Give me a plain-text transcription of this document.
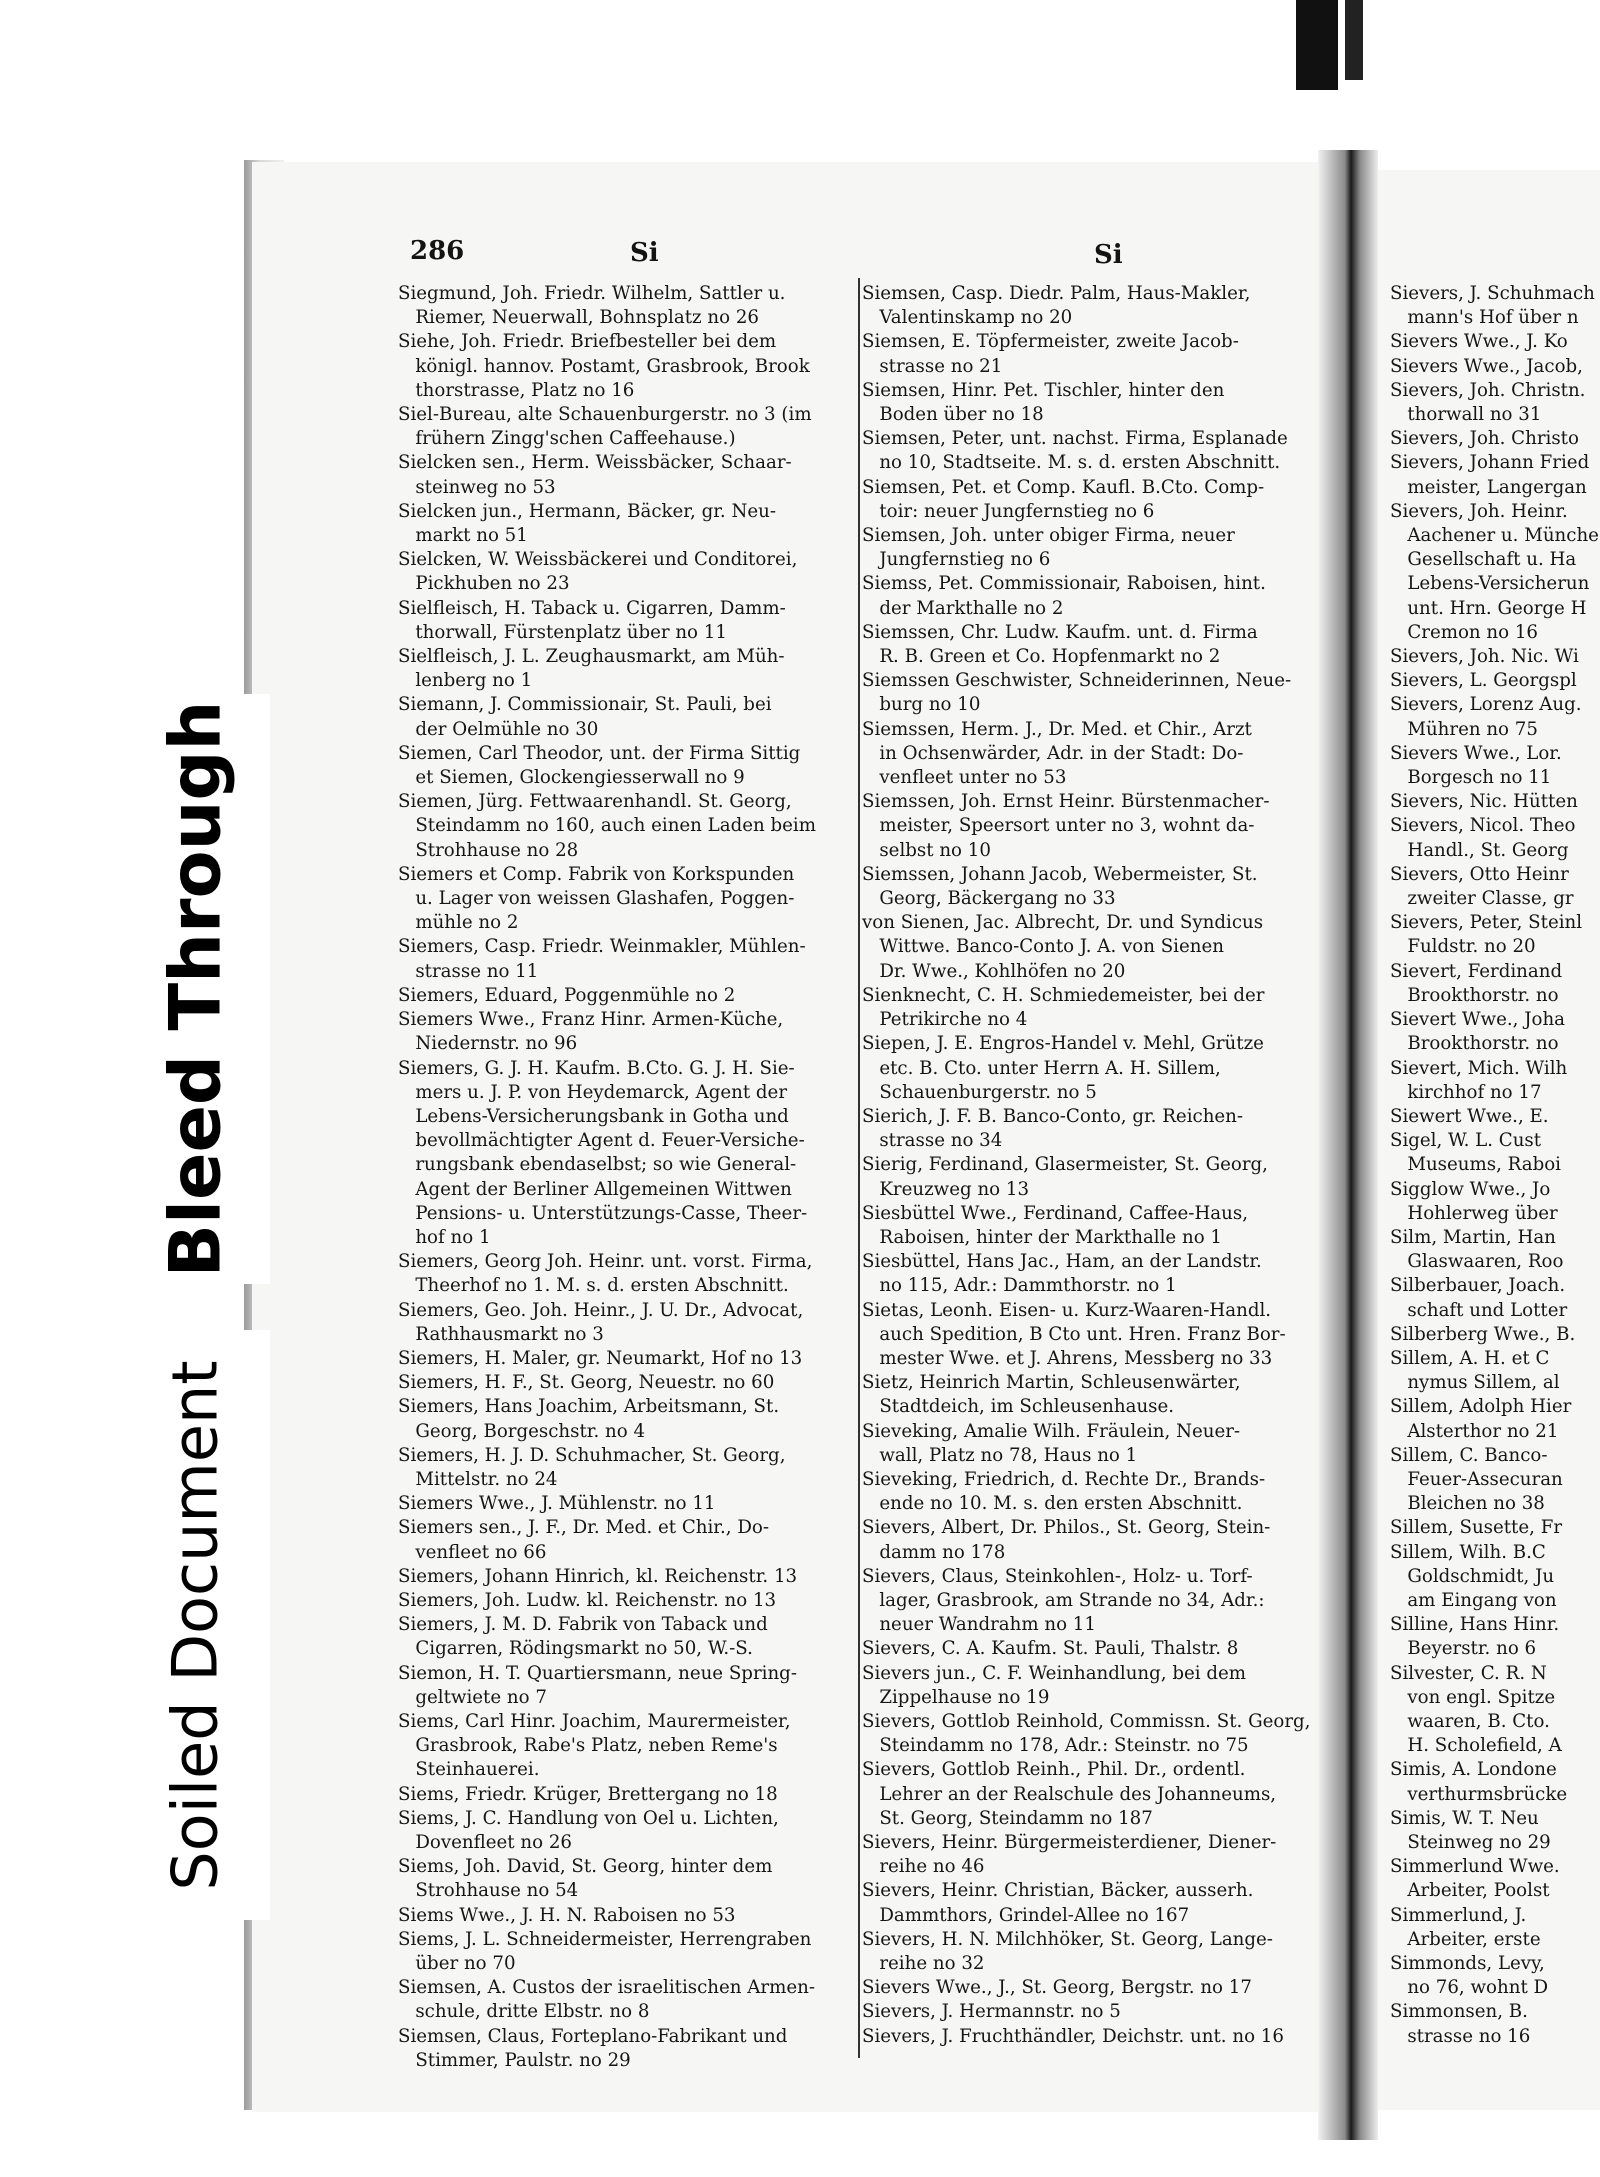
286	Si	Si
Siegmund, Joh. Friedr. Wilhelm, Sattler u.
Riemer, Neuerwall, Bohnsplatz no 26
Siehe, Joh. Friedr. Briefbesteller bei dem
königl. hannov. Postamt, Grasbrook, Brook
thorstrasse, Platz no 16
Siel-Bureau, alte Schauenburgerstr. no 3 (im
frühern Zingg'schen Caffeehause.)
Sielcken sen., Herm. Weissbäcker, Schaar-
steinweg no 53
Sielcken jun., Hermann, Bäcker, gr. Neu-
markt no 51
Sielcken, W. Weissbäckerei und Conditorei,
Pickhuben no 23
Sielfleisch, H. Taback u. Cigarren, Damm-
thorwall, Fürstenplatz über no 11
Sielfleisch, J. L. Zeughausmarkt, am Müh-
lenberg no 1
Siemann, J. Commissionair, St. Pauli, bei
der Oelmühle no 30
Siemen, Carl Theodor, unt. der Firma Sittig
et Siemen, Glockengiesserwall no 9
Siemen, Jürg. Fettwaarenhandl. St. Georg,
Steindamm no 160, auch einen Laden beim
Strohhause no 28
Siemers et Comp. Fabrik von Korkspunden
u. Lager von weissen Glashafen, Poggen-
mühle no 2
Siemers, Casp. Friedr. Weinmakler, Mühlen-
strasse no 11
Siemers, Eduard, Poggenmühle no 2
Siemers Wwe., Franz Hinr. Armen-Küche,
Niedernstr. no 96
Siemers, G. J. H. Kaufm. B.Cto. G. J. H. Sie-
mers u. J. P. von Heydemarck, Agent der
Lebens-Versicherungsbank in Gotha und
bevollmächtigter Agent d. Feuer-Versiche-
rungsbank ebendaselbst; so wie General-
Agent der Berliner Allgemeinen Wittwen
Pensions- u. Unterstützungs-Casse, Theer-
hof no 1
Siemers, Georg Joh. Heinr. unt. vorst. Firma,
Theerhof no 1. M. s. d. ersten Abschnitt.
Siemers, Geo. Joh. Heinr., J. U. Dr., Advocat,
Rathhausmarkt no 3
Siemers, H. Maler, gr. Neumarkt, Hof no 13
Siemers, H. F., St. Georg, Neuestr. no 60
Siemers, Hans Joachim, Arbeitsmann, St.
Georg, Borgeschstr. no 4
Siemers, H. J. D. Schuhmacher, St. Georg,
Mittelstr. no 24
Siemers Wwe., J. Mühlenstr. no 11
Siemers sen., J. F., Dr. Med. et Chir., Do-
venfleet no 66
Siemers, Johann Hinrich, kl. Reichenstr. 13
Siemers, Joh. Ludw. kl. Reichenstr. no 13
Siemers, J. M. D. Fabrik von Taback und
Cigarren, Rödingsmarkt no 50, W.-S.
Siemon, H. T. Quartiersmann, neue Spring-
geltwiete no 7
Siems, Carl Hinr. Joachim, Maurermeister,
Grasbrook, Rabe's Platz, neben Reme's
Steinhauerei.
Siems, Friedr. Krüger, Brettergang no 18
Siems, J. C. Handlung von Oel u. Lichten,
Dovenfleet no 26
Siems, Joh. David, St. Georg, hinter dem
Strohhause no 54
Siems Wwe., J. H. N. Raboisen no 53
Siems, J. L. Schneidermeister, Herrengraben
über no 70
Siemsen, A. Custos der israelitischen Armen-
schule, dritte Elbstr. no 8
Siemsen, Claus, Forteplano-Fabrikant und
Stimmer, Paulstr. no 29
Siemsen, Casp. Diedr. Palm, Haus-Makler,
Valentinskamp no 20
Siemsen, E. Töpfermeister, zweite Jacob-
strasse no 21
Siemsen, Hinr. Pet. Tischler, hinter den
Boden über no 18
Siemsen, Peter, unt. nachst. Firma, Esplanade
no 10, Stadtseite. M. s. d. ersten Abschnitt.
Siemsen, Pet. et Comp. Kaufl. B.Cto. Comp-
toir: neuer Jungfernstieg no 6
Siemsen, Joh. unter obiger Firma, neuer
Jungfernstieg no 6
Siemss, Pet. Commissionair, Raboisen, hint.
der Markthalle no 2
Siemssen, Chr. Ludw. Kaufm. unt. d. Firma
R. B. Green et Co. Hopfenmarkt no 2
Siemssen Geschwister, Schneiderinnen, Neue-
burg no 10
Siemssen, Herm. J., Dr. Med. et Chir., Arzt
in Ochsenwärder, Adr. in der Stadt: Do-
venfleet unter no 53
Siemssen, Joh. Ernst Heinr. Bürstenmacher-
meister, Speersort unter no 3, wohnt da-
selbst no 10
Siemssen, Johann Jacob, Webermeister, St.
Georg, Bäckergang no 33
von Sienen, Jac. Albrecht, Dr. und Syndicus
Wittwe. Banco-Conto J. A. von Sienen
Dr. Wwe., Kohlhöfen no 20
Sienknecht, C. H. Schmiedemeister, bei der
Petrikirche no 4
Siepen, J. E. Engros-Handel v. Mehl, Grütze
etc. B. Cto. unter Herrn A. H. Sillem,
Schauenburgerstr. no 5
Sierich, J. F. B. Banco-Conto, gr. Reichen-
strasse no 34
Sierig, Ferdinand, Glasermeister, St. Georg,
Kreuzweg no 13
Siesbüttel Wwe., Ferdinand, Caffee-Haus,
Raboisen, hinter der Markthalle no 1
Siesbüttel, Hans Jac., Ham, an der Landstr.
no 115, Adr.: Dammthorstr. no 1
Sietas, Leonh. Eisen- u. Kurz-Waaren-Handl.
auch Spedition, B Cto unt. Hren. Franz Bor-
mester Wwe. et J. Ahrens, Messberg no 33
Sietz, Heinrich Martin, Schleusenwärter,
Stadtdeich, im Schleusenhause.
Sieveking, Amalie Wilh. Fräulein, Neuer-
wall, Platz no 78, Haus no 1
Sieveking, Friedrich, d. Rechte Dr., Brands-
ende no 10. M. s. den ersten Abschnitt.
Sievers, Albert, Dr. Philos., St. Georg, Stein-
damm no 178
Sievers, Claus, Steinkohlen-, Holz- u. Torf-
lager, Grasbrook, am Strande no 34, Adr.:
neuer Wandrahm no 11
Sievers, C. A. Kaufm. St. Pauli, Thalstr. 8
Sievers jun., C. F. Weinhandlung, bei dem
Zippelhause no 19
Sievers, Gottlob Reinhold, Commissn. St. Georg,
Steindamm no 178, Adr.: Steinstr. no 75
Sievers, Gottlob Reinh., Phil. Dr., ordentl.
Lehrer an der Realschule des Johanneums,
St. Georg, Steindamm no 187
Sievers, Heinr. Bürgermeisterdiener, Diener-
reihe no 46
Sievers, Heinr. Christian, Bäcker, ausserh.
Dammthors, Grindel-Allee no 167
Sievers, H. N. Milchhöker, St. Georg, Lange-
reihe no 32
Sievers Wwe., J., St. Georg, Bergstr. no 17
Sievers, J. Hermannstr. no 5
Sievers, J. Fruchthändler, Deichstr. unt. no 16
Sievers, J. Schuhmach
mann's Hof über n
Sievers Wwe., J. Ko
Sievers Wwe., Jacob,
Sievers, Joh. Christn.
thorwall no 31
Sievers, Joh. Christo
Sievers, Johann Fried
meister, Langergan
Sievers, Joh. Heinr.
Aachener u. Münche
Gesellschaft u. Ha
Lebens-Versicherun
unt. Hrn. George H
Cremon no 16
Sievers, Joh. Nic. Wi
Sievers, L. Georgspl
Sievers, Lorenz Aug.
Mühren no 75
Sievers Wwe., Lor.
Borgesch no 11
Sievers, Nic. Hütten
Sievers, Nicol. Theo
Handl., St. Georg
Sievers, Otto Heinr
zweiter Classe, gr
Sievers, Peter, Steinl
Fuldstr. no 20
Sievert, Ferdinand
Brookthorstr. no
Sievert Wwe., Joha
Brookthorstr. no
Sievert, Mich. Wilh
kirchhof no 17
Siewert Wwe., E.
Sigel, W. L. Cust
Museums, Raboi
Sigglow Wwe., Jo
Hohlerweg über
Silm, Martin, Han
Glaswaaren, Roo
Silberbauer, Joach.
schaft und Lotter
Silberberg Wwe., B.
Sillem, A. H. et C
nymus Sillem, al
Sillem, Adolph Hier
Alsterthor no 21
Sillem, C. Banco-
Feuer-Assecuran
Bleichen no 38
Sillem, Susette, Fr
Sillem, Wilh. B.C
Goldschmidt, Ju
am Eingang von
Silline, Hans Hinr.
Beyerstr. no 6
Silvester, C. R. N
von engl. Spitze
waaren, B. Cto.
H. Scholefield, A
Simis, A. Londone
verthurmsbrücke
Simis, W. T. Neu
Steinweg no 29
Simmerlund Wwe.
Arbeiter, Poolst
Simmerlund, J.
Arbeiter, erste
Simmonds, Levy,
no 76, wohnt D
Simmonsen, B.
strasse no 16
Bleed Through
Soiled Document
